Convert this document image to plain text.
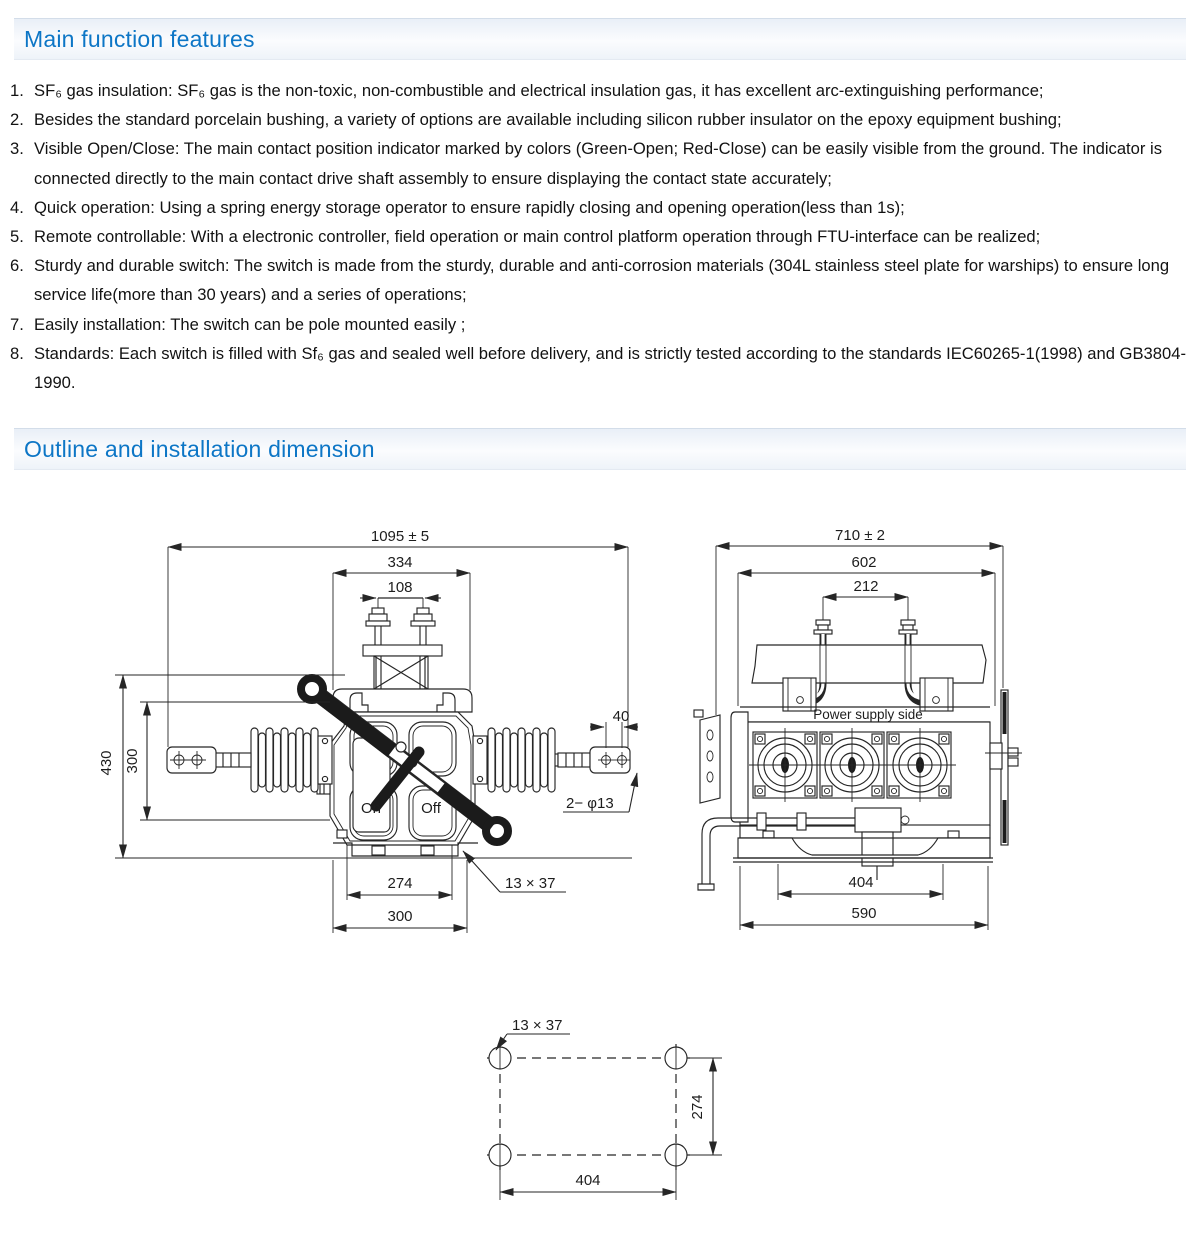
Main function features
1. SF₆ gas insulation: SF₆ gas is the non-toxic, non-combustible and electrical insulation gas, it has excellent arc-extinguishing performance;
2. Besides the standard porcelain bushing, a variety of options are available including silicon rubber insulator on the epoxy equipment bushing;
3. Visible Open/Close: The main contact position indicator marked by colors (Green-Open; Red-Close) can be easily visible from the ground. The indicator is connected directly to the main contact drive shaft assembly to ensure displaying the contact state accurately;
4. Quick operation: Using a spring energy storage operator to ensure rapidly closing and opening operation(less than 1s);
5. Remote controllable: With a electronic controller, field operation or main control platform operation through FTU-interface can be realized;
6. Sturdy and durable switch: The switch is made from the sturdy, durable and anti-corrosion materials (304L stainless steel plate for warships) to ensure long service life(more than 30 years) and a series of operations;
7. Easily installation: The switch can be pole mounted easily ;
8. Standards: Each switch is filled with Sf₆ gas and sealed well before delivery, and is strictly tested according to the standards IEC60265-1(1998) and GB3804-1990.
Outline and installation dimension
1095 ± 5
334
108
40
2− φ13
On	Off
430 300
274
300
13 × 37
710 ± 2
602
212
Power supply side
404
590
13 × 37
274
404
